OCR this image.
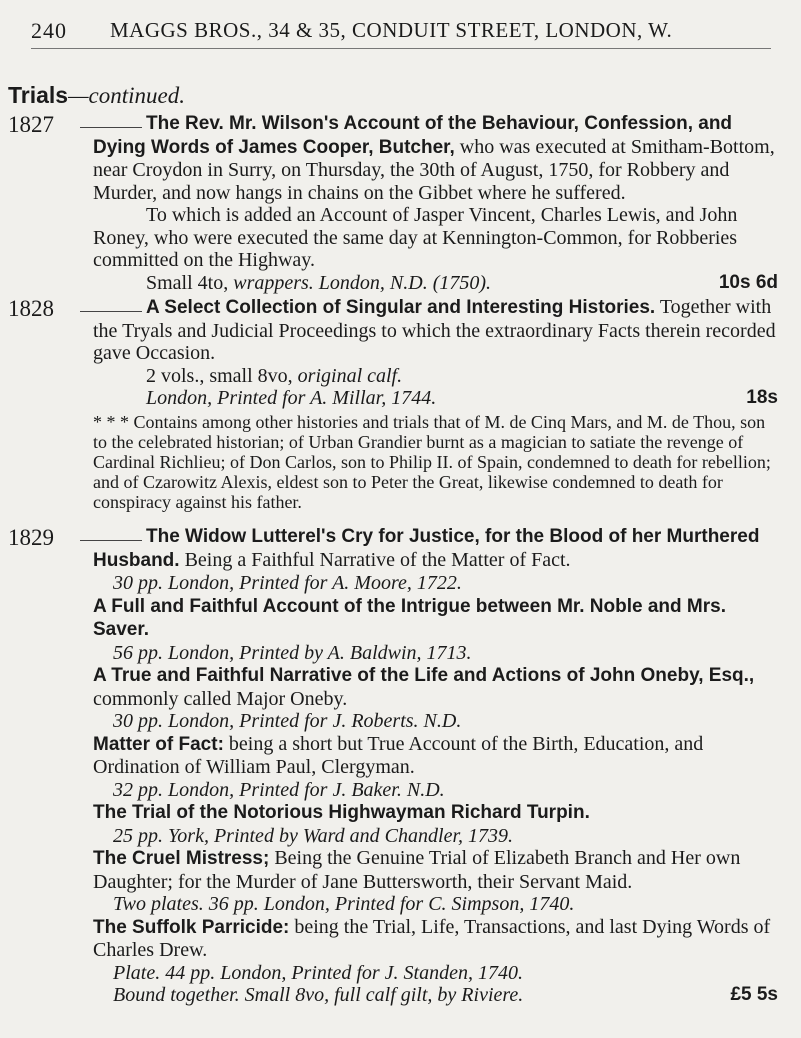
240 MAGGS BROS., 34 & 35, CONDUIT STREET, LONDON, W.
Trials—continued.
1827	The Rev. Mr. Wilson's Account of the Behaviour, Confession, and Dying Words of James Cooper, Butcher, who was executed at Smitham-Bottom, near Croydon in Surry, on Thursday, the 30th of August, 1750, for Robbery and Murder, and now hangs in chains on the Gibbet where he suffered.
To which is added an Account of Jasper Vincent, Charles Lewis, and John Roney, who were executed the same day at Kennington-Common, for Robberies committed on the Highway.
Small 4to, wrappers. London, N.D. (1750).	10s 6d
1828	A Select Collection of Singular and Interesting Histories. Together with the Tryals and Judicial Proceedings to which the extraordinary Facts therein recorded gave Occasion.
2 vols., small 8vo, original calf.
London, Printed for A. Millar, 1744.	18s
* * * Contains among other histories and trials that of M. de Cinq Mars, and M. de Thou, son to the celebrated historian; of Urban Grandier burnt as a magician to satiate the revenge of Cardinal Richlieu; of Don Carlos, son to Philip II. of Spain, condemned to death for rebellion; and of Czarowitz Alexis, eldest son to Peter the Great, likewise condemned to death for conspiracy against his father.
1829	The Widow Lutterel's Cry for Justice, for the Blood of her Murthered Husband. Being a Faithful Narrative of the Matter of Fact.
30 pp. London, Printed for A. Moore, 1722.
A Full and Faithful Account of the Intrigue between Mr. Noble and Mrs. Saver.
56 pp. London, Printed by A. Baldwin, 1713.
A True and Faithful Narrative of the Life and Actions of John Oneby, Esq., commonly called Major Oneby.
30 pp. London, Printed for J. Roberts. N.D.
Matter of Fact: being a short but True Account of the Birth, Education, and Ordination of William Paul, Clergyman.
32 pp. London, Printed for J. Baker. N.D.
The Trial of the Notorious Highwayman Richard Turpin.
25 pp. York, Printed by Ward and Chandler, 1739.
The Cruel Mistress; Being the Genuine Trial of Elizabeth Branch and Her own Daughter; for the Murder of Jane Buttersworth, their Servant Maid.
Two plates. 36 pp. London, Printed for C. Simpson, 1740.
The Suffolk Parricide: being the Trial, Life, Transactions, and last Dying Words of Charles Drew.
Plate. 44 pp. London, Printed for J. Standen, 1740.
Bound together. Small 8vo, full calf gilt, by Riviere.	£5 5s
